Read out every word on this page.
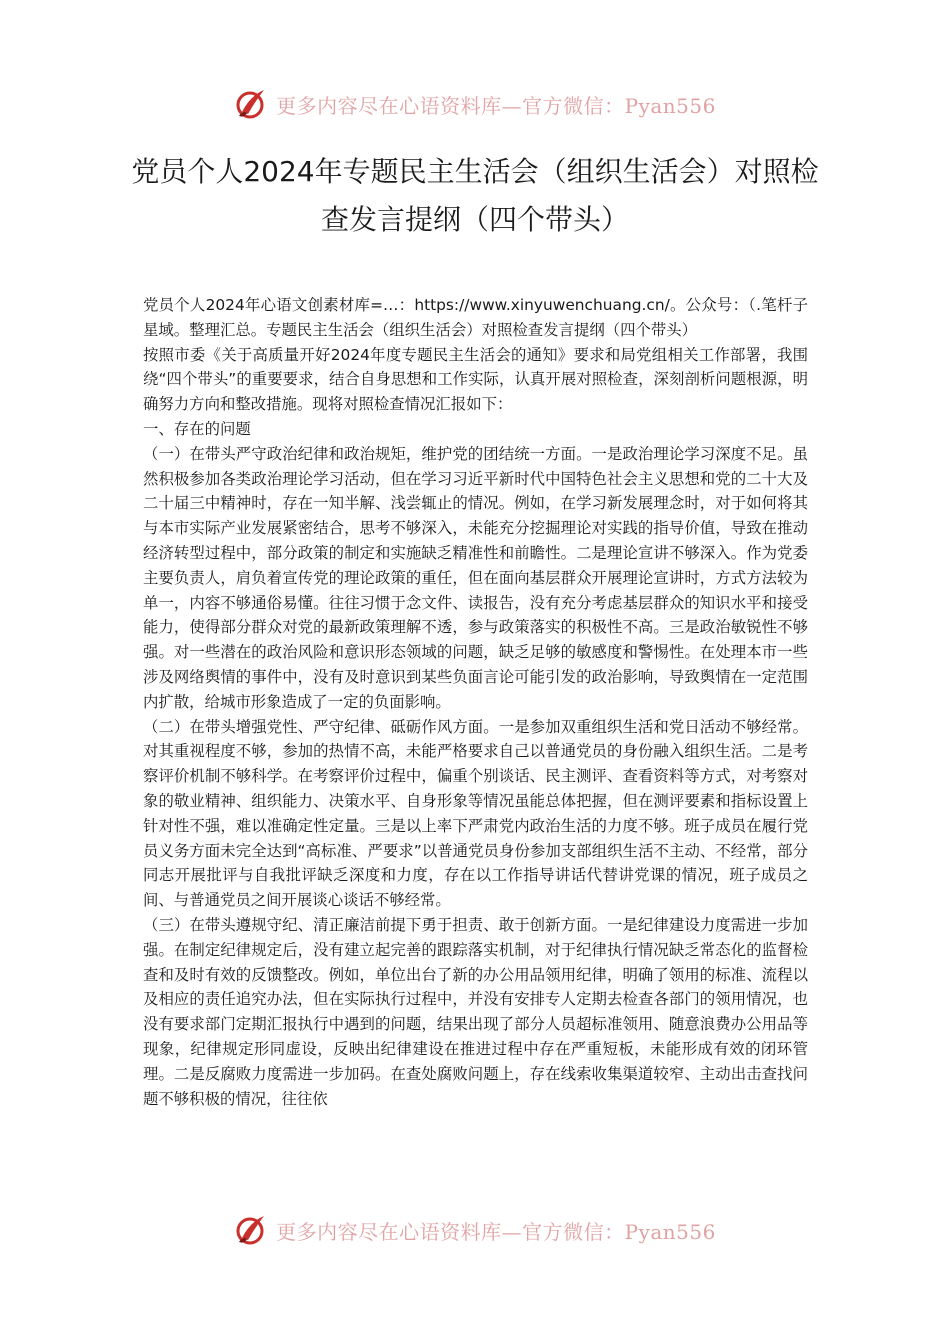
更多内容尽在心语资料库—官方微信：Pyan556
党员个人2024年专题民主生活会（组织生活会）对照检查发言提纲（四个带头）

党员个人2024年心语文创素材库=…：https://www.xinyuwenchuang.cn/。公众号：（.笔杆子星域。整理汇总。专题民主生活会（组织生活会）对照检查发言提纲（四个带头）

按照市委《关于高质量开好2024年度专题民主生活会的通知》要求和局党组相关工作部署，我围绕“四个带头”的重要要求，结合自身思想和工作实际，认真开展对照检查，深刻剖析问题根源，明确努力方向和整改措施。现将对照检查情况汇报如下：

一、存在的问题

（一）在带头严守政治纪律和政治规矩，维护党的团结统一方面。一是政治理论学习深度不足。虽然积极参加各类政治理论学习活动，但在学习习近平新时代中国特色社会主义思想和党的二十大及二十届三中精神时，存在一知半解、浅尝辄止的情况。例如，在学习新发展理念时，对于如何将其与本市实际产业发展紧密结合，思考不够深入，未能充分挖掘理论对实践的指导价值，导致在推动经济转型过程中，部分政策的制定和实施缺乏精准性和前瞻性。二是理论宣讲不够深入。作为党委主要负责人，肩负着宣传党的理论政策的重任，但在面向基层群众开展理论宣讲时，方式方法较为单一，内容不够通俗易懂。往往习惯于念文件、读报告，没有充分考虑基层群众的知识水平和接受能力，使得部分群众对党的最新政策理解不透，参与政策落实的积极性不高。三是政治敏锐性不够强。对一些潜在的政治风险和意识形态领域的问题，缺乏足够的敏感度和警惕性。在处理本市一些涉及网络舆情的事件中，没有及时意识到某些负面言论可能引发的政治影响，导致舆情在一定范围内扩散，给城市形象造成了一定的负面影响。

（二）在带头增强党性、严守纪律、砥砺作风方面。一是参加双重组织生活和党日活动不够经常。对其重视程度不够，参加的热情不高，未能严格要求自己以普通党员的身份融入组织生活。二是考察评价机制不够科学。在考察评价过程中，偏重个别谈话、民主测评、查看资料等方式，对考察对象的敬业精神、组织能力、决策水平、自身形象等情况虽能总体把握，但在测评要素和指标设置上针对性不强，难以准确定性定量。三是以上率下严肃党内政治生活的力度不够。班子成员在履行党员义务方面未完全达到“高标准、严要求”以普通党员身份参加支部组织生活不主动、不经常，部分同志开展批评与自我批评缺乏深度和力度，存在以工作指导讲话代替讲党课的情况，班子成员之间、与普通党员之间开展谈心谈话不够经常。

（三）在带头遵规守纪、清正廉洁前提下勇于担责、敢于创新方面。一是纪律建设力度需进一步加强。在制定纪律规定后，没有建立起完善的跟踪落实机制，对于纪律执行情况缺乏常态化的监督检查和及时有效的反馈整改。例如，单位出台了新的办公用品领用纪律，明确了领用的标准、流程以及相应的责任追究办法，但在实际执行过程中，并没有安排专人定期去检查各部门的领用情况，也没有要求部门定期汇报执行中遇到的问题，结果出现了部分人员超标准领用、随意浪费办公用品等现象，纪律规定形同虚设，反映出纪律建设在推进过程中存在严重短板，未能形成有效的闭环管理。二是反腐败力度需进一步加码。在查处腐败问题上，存在线索收集渠道较窄、主动出击查找问题不够积极的情况，往往依

更多内容尽在心语资料库—官方微信：Pyan556
